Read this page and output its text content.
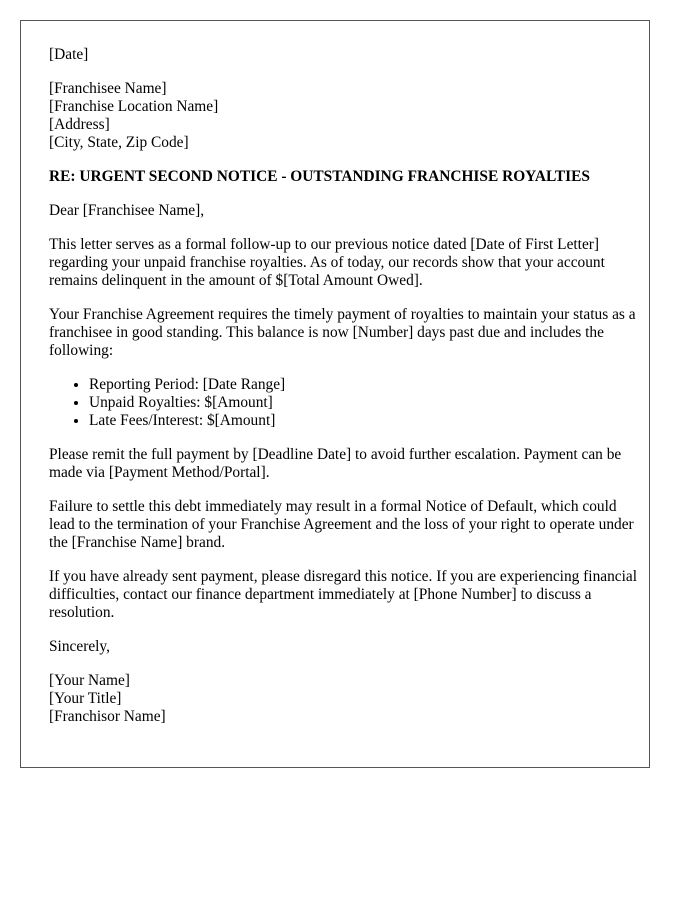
[Date]
[Franchisee Name]
[Franchise Location Name]
[Address]
[City, State, Zip Code]
RE: URGENT SECOND NOTICE - OUTSTANDING FRANCHISE ROYALTIES

Dear [Franchisee Name],

This letter serves as a formal follow-up to our previous notice dated [Date of First Letter] regarding your unpaid franchise royalties. As of today, our records show that your account remains delinquent in the amount of $[Total Amount Owed].

Your Franchise Agreement requires the timely payment of royalties to maintain your status as a franchisee in good standing. This balance is now [Number] days past due and includes the following:

• Reporting Period: [Date Range]
• Unpaid Royalties: $[Amount]
• Late Fees/Interest: $[Amount]

Please remit the full payment by [Deadline Date] to avoid further escalation. Payment can be made via [Payment Method/Portal].

Failure to settle this debt immediately may result in a formal Notice of Default, which could lead to the termination of your Franchise Agreement and the loss of your right to operate under the [Franchise Name] brand.

If you have already sent payment, please disregard this notice. If you are experiencing financial difficulties, contact our finance department immediately at [Phone Number] to discuss a resolution.

Sincerely,

[Your Name]
[Your Title]
[Franchisor Name]
